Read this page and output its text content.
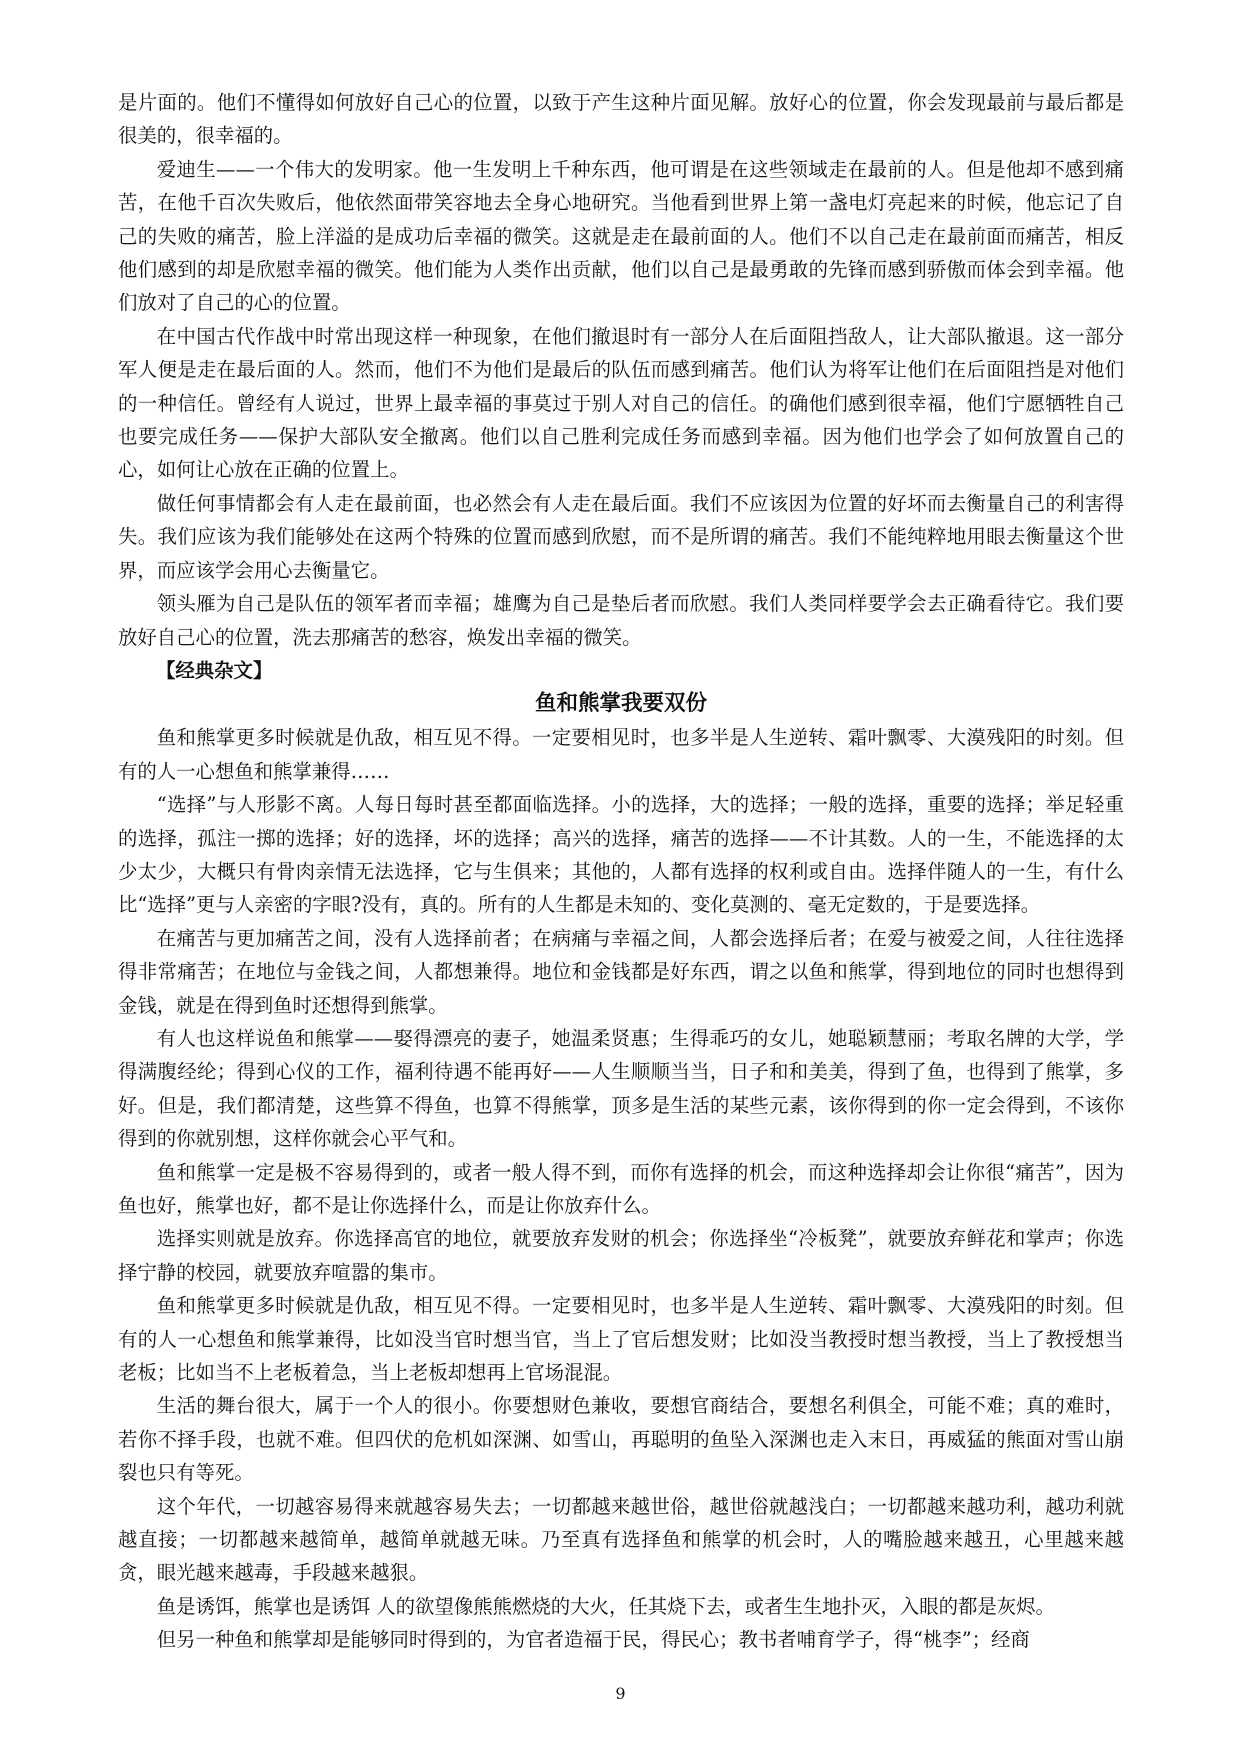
是片面的。他们不懂得如何放好自己心的位置，以致于产生这种片面见解。放好心的位置，你会发现最前与最后都是很美的，很幸福的。

爱迪生——一个伟大的发明家。他一生发明上千种东西，他可谓是在这些领域走在最前的人。但是他却不感到痛苦，在他千百次失败后，他依然面带笑容地去全身心地研究。当他看到世界上第一盏电灯亮起来的时候，他忘记了自己的失败的痛苦，脸上洋溢的是成功后幸福的微笑。这就是走在最前面的人。他们不以自己走在最前面而痛苦，相反他们感到的却是欣慰幸福的微笑。他们能为人类作出贡献，他们以自己是最勇敢的先锋而感到骄傲而体会到幸福。他们放对了自己的心的位置。

在中国古代作战中时常出现这样一种现象，在他们撤退时有一部分人在后面阻挡敌人，让大部队撤退。这一部分军人便是走在最后面的人。然而，他们不为他们是最后的队伍而感到痛苦。他们认为将军让他们在后面阻挡是对他们的一种信任。曾经有人说过，世界上最幸福的事莫过于别人对自己的信任。的确他们感到很幸福，他们宁愿牺牲自己也要完成任务——保护大部队安全撤离。他们以自己胜利完成任务而感到幸福。因为他们也学会了如何放置自己的心，如何让心放在正确的位置上。

做任何事情都会有人走在最前面，也必然会有人走在最后面。我们不应该因为位置的好坏而去衡量自己的利害得失。我们应该为我们能够处在这两个特殊的位置而感到欣慰，而不是所谓的痛苦。我们不能纯粹地用眼去衡量这个世界，而应该学会用心去衡量它。

领头雁为自己是队伍的领军者而幸福；雄鹰为自己是垫后者而欣慰。我们人类同样要学会去正确看待它。我们要放好自己心的位置，洗去那痛苦的愁容，焕发出幸福的微笑。

【经典杂文】
鱼和熊掌我要双份

鱼和熊掌更多时候就是仇敌，相互见不得。一定要相见时，也多半是人生逆转、霜叶飘零、大漠残阳的时刻。但有的人一心想鱼和熊掌兼得……

“选择”与人形影不离。人每日每时甚至都面临选择。小的选择，大的选择；一般的选择，重要的选择；举足轻重的选择，孤注一掷的选择；好的选择，坏的选择；高兴的选择，痛苦的选择——不计其数。人的一生，不能选择的太少太少，大概只有骨肉亲情无法选择，它与生俱来；其他的，人都有选择的权利或自由。选择伴随人的一生，有什么比“选择”更与人亲密的字眼?没有，真的。所有的人生都是未知的、变化莫测的、毫无定数的，于是要选择。

在痛苦与更加痛苦之间，没有人选择前者；在病痛与幸福之间，人都会选择后者；在爱与被爱之间，人往往选择得非常痛苦；在地位与金钱之间，人都想兼得。地位和金钱都是好东西，谓之以鱼和熊掌，得到地位的同时也想得到金钱，就是在得到鱼时还想得到熊掌。

有人也这样说鱼和熊掌——娶得漂亮的妻子，她温柔贤惠；生得乖巧的女儿，她聪颖慧丽；考取名牌的大学，学得满腹经纶；得到心仪的工作，福利待遇不能再好——人生顺顺当当，日子和和美美，得到了鱼，也得到了熊掌，多好。但是，我们都清楚，这些算不得鱼，也算不得熊掌，顶多是生活的某些元素，该你得到的你一定会得到，不该你得到的你就别想，这样你就会心平气和。

鱼和熊掌一定是极不容易得到的，或者一般人得不到，而你有选择的机会，而这种选择却会让你很“痛苦”，因为鱼也好，熊掌也好，都不是让你选择什么，而是让你放弃什么。

选择实则就是放弃。你选择高官的地位，就要放弃发财的机会；你选择坐“冷板凳”，就要放弃鲜花和掌声；你选择宁静的校园，就要放弃喧嚣的集市。

鱼和熊掌更多时候就是仇敌，相互见不得。一定要相见时，也多半是人生逆转、霜叶飘零、大漠残阳的时刻。但有的人一心想鱼和熊掌兼得，比如没当官时想当官，当上了官后想发财；比如没当教授时想当教授，当上了教授想当老板；比如当不上老板着急，当上老板却想再上官场混混。

生活的舞台很大，属于一个人的很小。你要想财色兼收，要想官商结合，要想名利俱全，可能不难；真的难时，若你不择手段，也就不难。但四伏的危机如深渊、如雪山，再聪明的鱼坠入深渊也走入末日，再威猛的熊面对雪山崩裂也只有等死。

这个年代，一切越容易得来就越容易失去；一切都越来越世俗，越世俗就越浅白；一切都越来越功利，越功利就越直接；一切都越来越简单，越简单就越无味。乃至真有选择鱼和熊掌的机会时，人的嘴脸越来越丑，心里越来越贪，眼光越来越毒，手段越来越狠。

鱼是诱饵，熊掌也是诱饵 人的欲望像熊熊燃烧的大火，任其烧下去，或者生生地扑灭，入眼的都是灰烬。

但另一种鱼和熊掌却是能够同时得到的，为官者造福于民，得民心；教书者哺育学子，得“桃李”；经商

9
